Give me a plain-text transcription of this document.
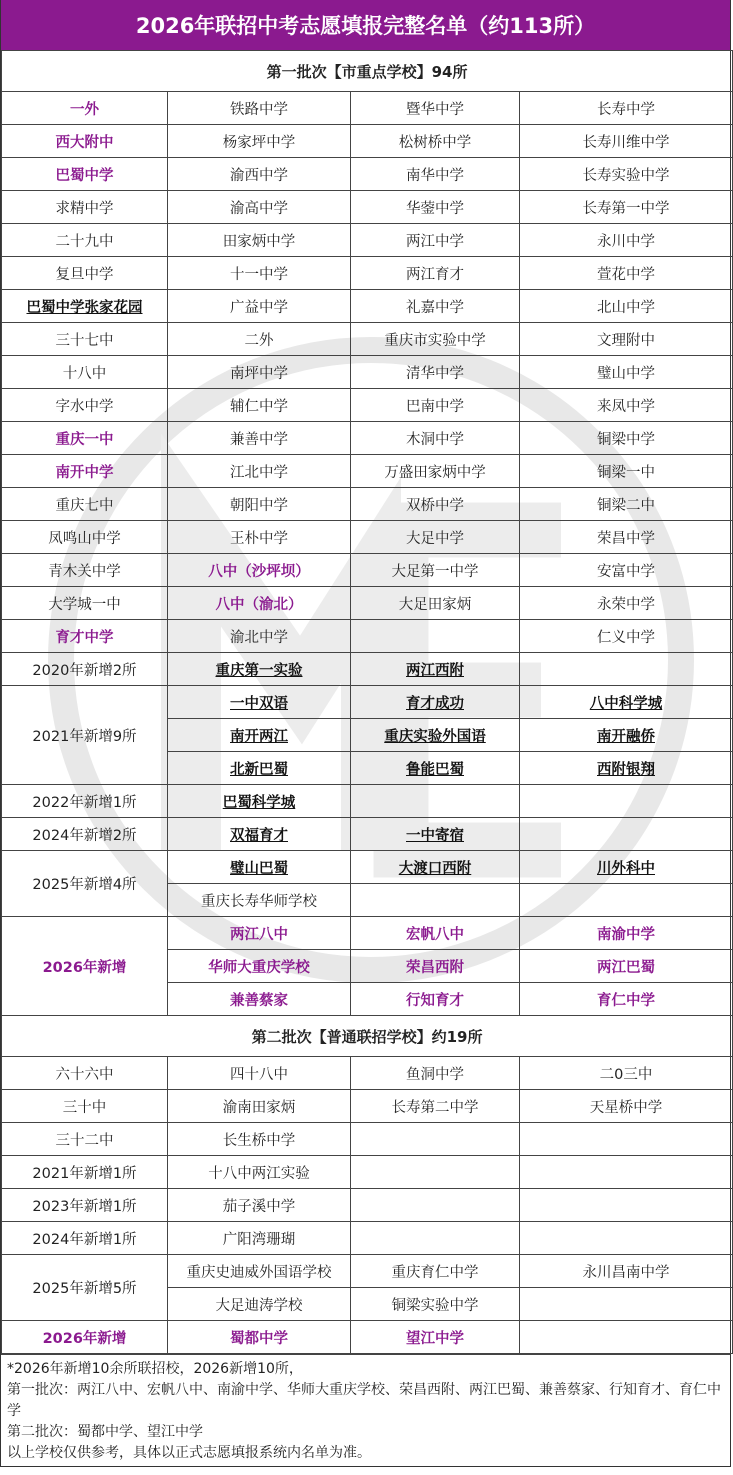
2026年联招中考志愿填报完整名单（约113所）
第一批次【市重点学校】94所			
一外	铁路中学	暨华中学	长寿中学
西大附中	杨家坪中学	松树桥中学	长寿川维中学
巴蜀中学	渝西中学	南华中学	长寿实验中学
求精中学	渝高中学	华蓥中学	长寿第一中学
二十九中	田家炳中学	两江中学	永川中学
复旦中学	十一中学	两江育才	萱花中学
巴蜀中学张家花园	广益中学	礼嘉中学	北山中学
三十七中	二外	重庆市实验中学	文理附中
十八中	南坪中学	清华中学	璧山中学
字水中学	辅仁中学	巴南中学	来凤中学
重庆一中	兼善中学	木洞中学	铜梁中学
南开中学	江北中学	万盛田家炳中学	铜梁一中
重庆七中	朝阳中学	双桥中学	铜梁二中
凤鸣山中学	王朴中学	大足中学	荣昌中学
青木关中学	八中（沙坪坝）	大足第一中学	安富中学
大学城一中	八中（渝北）	大足田家炳	永荣中学
育才中学	渝北中学		仁义中学
2020年新增2所	重庆第一实验	两江西附	
2021年新增9所	一中双语	育才成功	八中科学城
	南开两江	重庆实验外国语	南开融侨
	北新巴蜀	鲁能巴蜀	西附银翔
2022年新增1所	巴蜀科学城		
2024年新增2所	双福育才	一中寄宿	
2025年新增4所	璧山巴蜀	大渡口西附	川外科中
	重庆长寿华师学校		
2026年新增	两江八中	宏帆八中	南渝中学
	华师大重庆学校	荣昌西附	两江巴蜀
	兼善蔡家	行知育才	育仁中学
第二批次【普通联招学校】约19所			
六十六中	四十八中	鱼洞中学	二0三中
三十中	渝南田家炳	长寿第二中学	天星桥中学
三十二中	长生桥中学		
2021年新增1所	十八中两江实验		
2023年新增1所	茄子溪中学		
2024年新增1所	广阳湾珊瑚		
2025年新增5所	重庆史迪威外国语学校	重庆育仁中学	永川昌南中学
	大足迪涛学校	铜梁实验中学	
2026年新增	蜀都中学	望江中学	
*2026年新增10余所联招校，2026新增10所，
第一批次：两江八中、宏帆八中、南渝中学、华师大重庆学校、荣昌西附、两江巴蜀、兼善蔡家、行知育才、育仁中学
第二批次：蜀都中学、望江中学
以上学校仅供参考，具体以正式志愿填报系统内名单为准。
